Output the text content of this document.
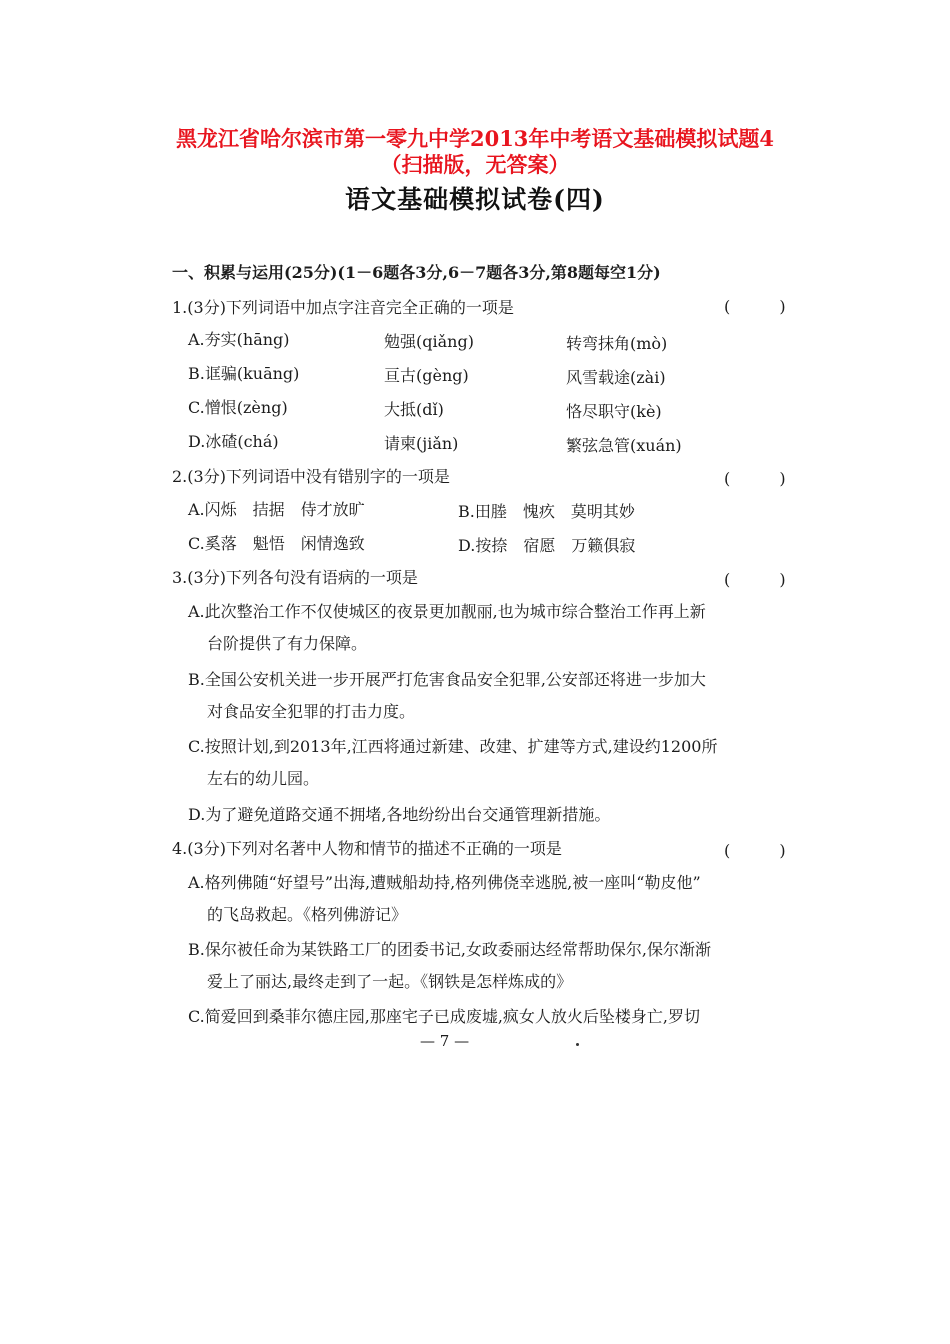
黑龙江省哈尔滨市第一零九中学2013年中考语文基础模拟试题4
（扫描版，无答案）
语文基础模拟试卷(四)
一、积累与运用(25分)(1－6题各3分,6－7题各3分,第8题每空1分)
1.(3分)下列词语中加点字注音完全正确的一项是	( )
A.夯实(hāng)	勉强(qiǎng)	转弯抹角(mò)
B.诓骗(kuāng)	亘古(gèng)	风雪载途(zài)
C.憎恨(zèng)	大抵(dǐ)	恪尽职守(kè)
D.冰碴(chá)	请柬(jiǎn)	繁弦急管(xuán)
2.(3分)下列词语中没有错别字的一项是	( )
A.闪烁　拮据　侍才放旷	B.田塍　愧疚　莫明其妙
C.奚落　魁悟　闲情逸致	D.按捺　宿愿　万籁俱寂
3.(3分)下列各句没有语病的一项是	( )
A.此次整治工作不仅使城区的夜景更加靓丽,也为城市综合整治工作再上新
台阶提供了有力保障。
B.全国公安机关进一步开展严打危害食品安全犯罪,公安部还将进一步加大
对食品安全犯罪的打击力度。
C.按照计划,到2013年,江西将通过新建、改建、扩建等方式,建设约1200所
左右的幼儿园。
D.为了避免道路交通不拥堵,各地纷纷出台交通管理新措施。
4.(3分)下列对名著中人物和情节的描述不正确的一项是	( )
A.格列佛随“好望号”出海,遭贼船劫持,格列佛侥幸逃脱,被一座叫“勒皮他”
的飞岛救起。《格列佛游记》
B.保尔被任命为某铁路工厂的团委书记,女政委丽达经常帮助保尔,保尔渐渐
爱上了丽达,最终走到了一起。《钢铁是怎样炼成的》
C.简爱回到桑菲尔德庄园,那座宅子已成废墟,疯女人放火后坠楼身亡,罗切
— 7 —
